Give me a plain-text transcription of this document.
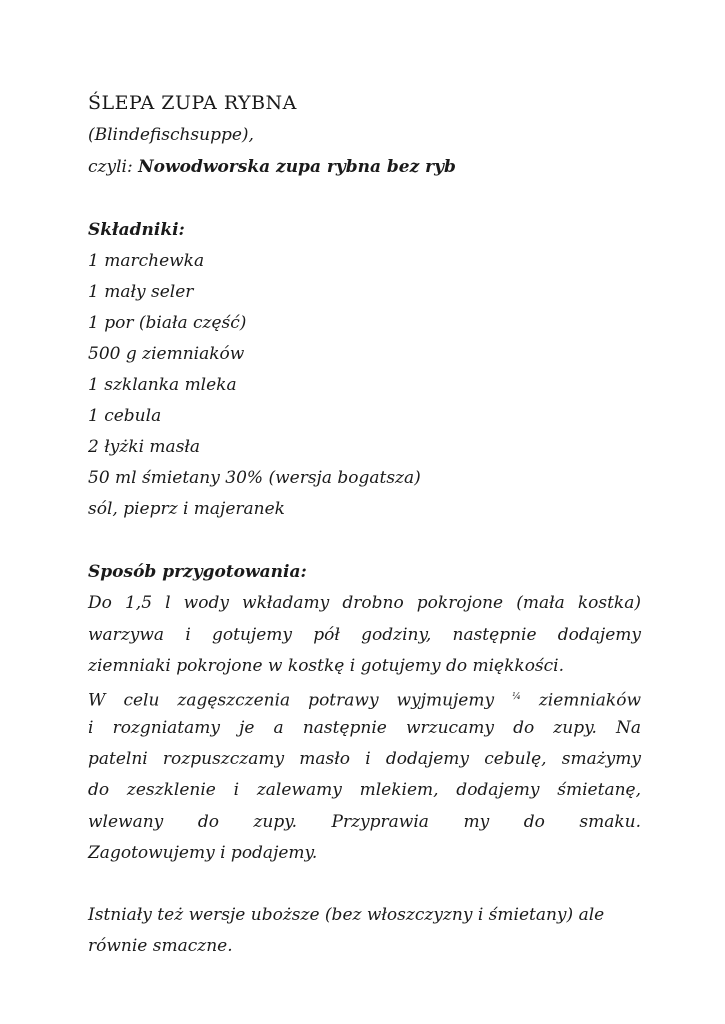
ŚLEPA ZUPA RYBNA
(Blindefischsuppe),
czyli: Nowodworska zupa rybna bez ryb
Składniki:
1 marchewka
1 mały seler
1 por (biała część)
500 g ziemniaków
1 szklanka mleka
1 cebula
2 łyżki masła
50 ml śmietany 30% (wersja bogatsza)
sól, pieprz i majeranek
Sposób przygotowania:
Do 1,5 l wody wkładamy drobno pokrojone (mała kostka)
warzywa i gotujemy pół godziny, następnie dodajemy
ziemniaki pokrojone w kostkę i gotujemy do miękkości.
W celu zagęszczenia potrawy wyjmujemy $^{\frac{1}{4}}$ ziemniaków
i rozgniatamy je a następnie wrzucamy do zupy. Na
patelni rozpuszczamy masło i dodajemy cebulę, smażymy
do zeszklenie i zalewamy mlekiem, dodajemy śmietanę,
wlewany do zupy. Przyprawia my do smaku.
Zagotowujemy i podajemy.
Istniały też wersje uboższe (bez włoszczyzny i śmietany) ale
równie smaczne.
